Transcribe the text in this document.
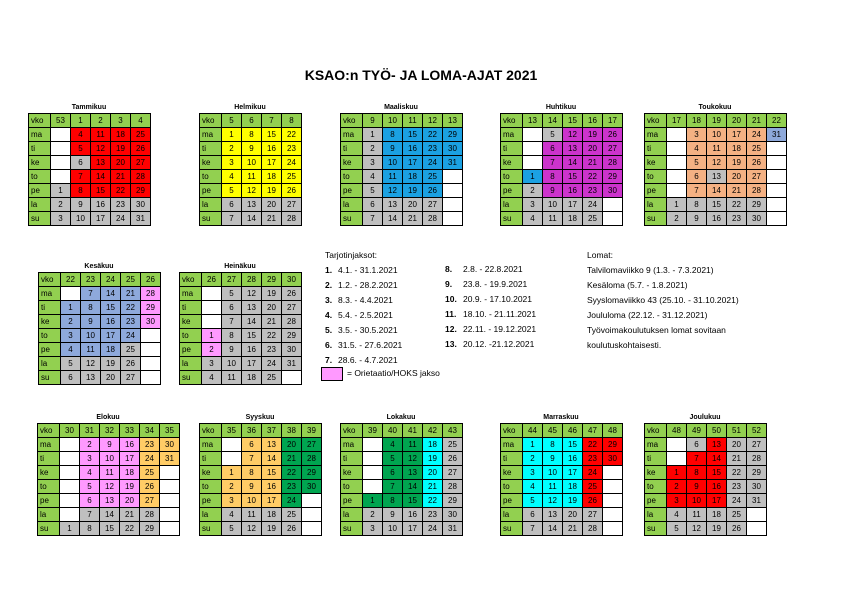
KSAO:n TYÖ- JA LOMA-AJAT 2021
Tammikuu
vko	53	1	2	3	4
ma		4	11	18	25
ti		5	12	19	26
ke		6	13	20	27
to		7	14	21	28
pe	1	8	15	22	29
la	2	9	16	23	30
su	3	10	17	24	31
Helmikuu
vko	5	6	7	8
ma	1	8	15	22
ti	2	9	16	23
ke	3	10	17	24
to	4	11	18	25
pe	5	12	19	26
la	6	13	20	27
su	7	14	21	28
Maaliskuu
vko	9	10	11	12	13
ma	1	8	15	22	29
ti	2	9	16	23	30
ke	3	10	17	24	31
to	4	11	18	25	
pe	5	12	19	26	
la	6	13	20	27	
su	7	14	21	28	
Huhtikuu
vko	13	14	15	16	17
ma		5	12	19	26
ti		6	13	20	27
ke		7	14	21	28
to	1	8	15	22	29
pe	2	9	16	23	30
la	3	10	17	24	
su	4	11	18	25	
Toukokuu
vko	17	18	19	20	21	22
ma		3	10	17	24	31
ti		4	11	18	25	
ke		5	12	19	26	
to		6	13	20	27	
pe		7	14	21	28	
la	1	8	15	22	29	
su	2	9	16	23	30	
Kesäkuu
vko	22	23	24	25	26
ma		7	14	21	28
ti	1	8	15	22	29
ke	2	9	16	23	30
to	3	10	17	24	
pe	4	11	18	25	
la	5	12	19	26	
su	6	13	20	27	
Heinäkuu
vko	26	27	28	29	30
ma		5	12	19	26
ti		6	13	20	27
ke		7	14	21	28
to	1	8	15	22	29
pe	2	9	16	23	30
la	3	10	17	24	31
su	4	11	18	25	
Elokuu
vko	30	31	32	33	34	35
ma		2	9	16	23	30
ti		3	10	17	24	31
ke		4	11	18	25	
to		5	12	19	26	
pe		6	13	20	27	
la		7	14	21	28	
su	1	8	15	22	29	
Syyskuu
vko	35	36	37	38	39
ma		6	13	20	27
ti		7	14	21	28
ke	1	8	15	22	29
to	2	9	16	23	30
pe	3	10	17	24	
la	4	11	18	25	
su	5	12	19	26	
Lokakuu
vko	39	40	41	42	43
ma		4	11	18	25
ti		5	12	19	26
ke		6	13	20	27
to		7	14	21	28
pe	1	8	15	22	29
la	2	9	16	23	30
su	3	10	17	24	31
Marraskuu
vko	44	45	46	47	48
ma	1	8	15	22	29
ti	2	9	16	23	30
ke	3	10	17	24	
to	4	11	18	25	
pe	5	12	19	26	
la	6	13	20	27	
su	7	14	21	28	
Joulukuu
vko	48	49	50	51	52
ma		6	13	20	27
ti		7	14	21	28
ke	1	8	15	22	29
to	2	9	16	23	30
pe	3	10	17	24	31
la	4	11	18	25	
su	5	12	19	26	
Tarjotinjaksot:
1. 4.1. - 31.1.2021
2. 1.2. - 28.2.2021
3. 8.3. - 4.4.2021
4. 5.4. - 2.5.2021
5. 3.5. - 30.5.2021
6. 31.5. - 27.6.2021
7. 28.6. - 4.7.2021
8. 2.8. - 22.8.2021
9. 23.8. - 19.9.2021
10. 20.9. - 17.10.2021
11. 18.10. - 21.11.2021
12. 22.11. - 19.12.2021
13. 20.12. -21.12.2021
Lomat:
Talvilomaviikko 9 (1.3. - 7.3.2021)
Kesäloma (5.7. - 1.8.2021)
Syyslomaviikko 43 (25.10. - 31.10.2021)
Joululoma (22.12. - 31.12.2021)
Työvoimakoulutuksen lomat sovitaan
koulutuskohtaisesti.
= Orietaatio/HOKS jakso
